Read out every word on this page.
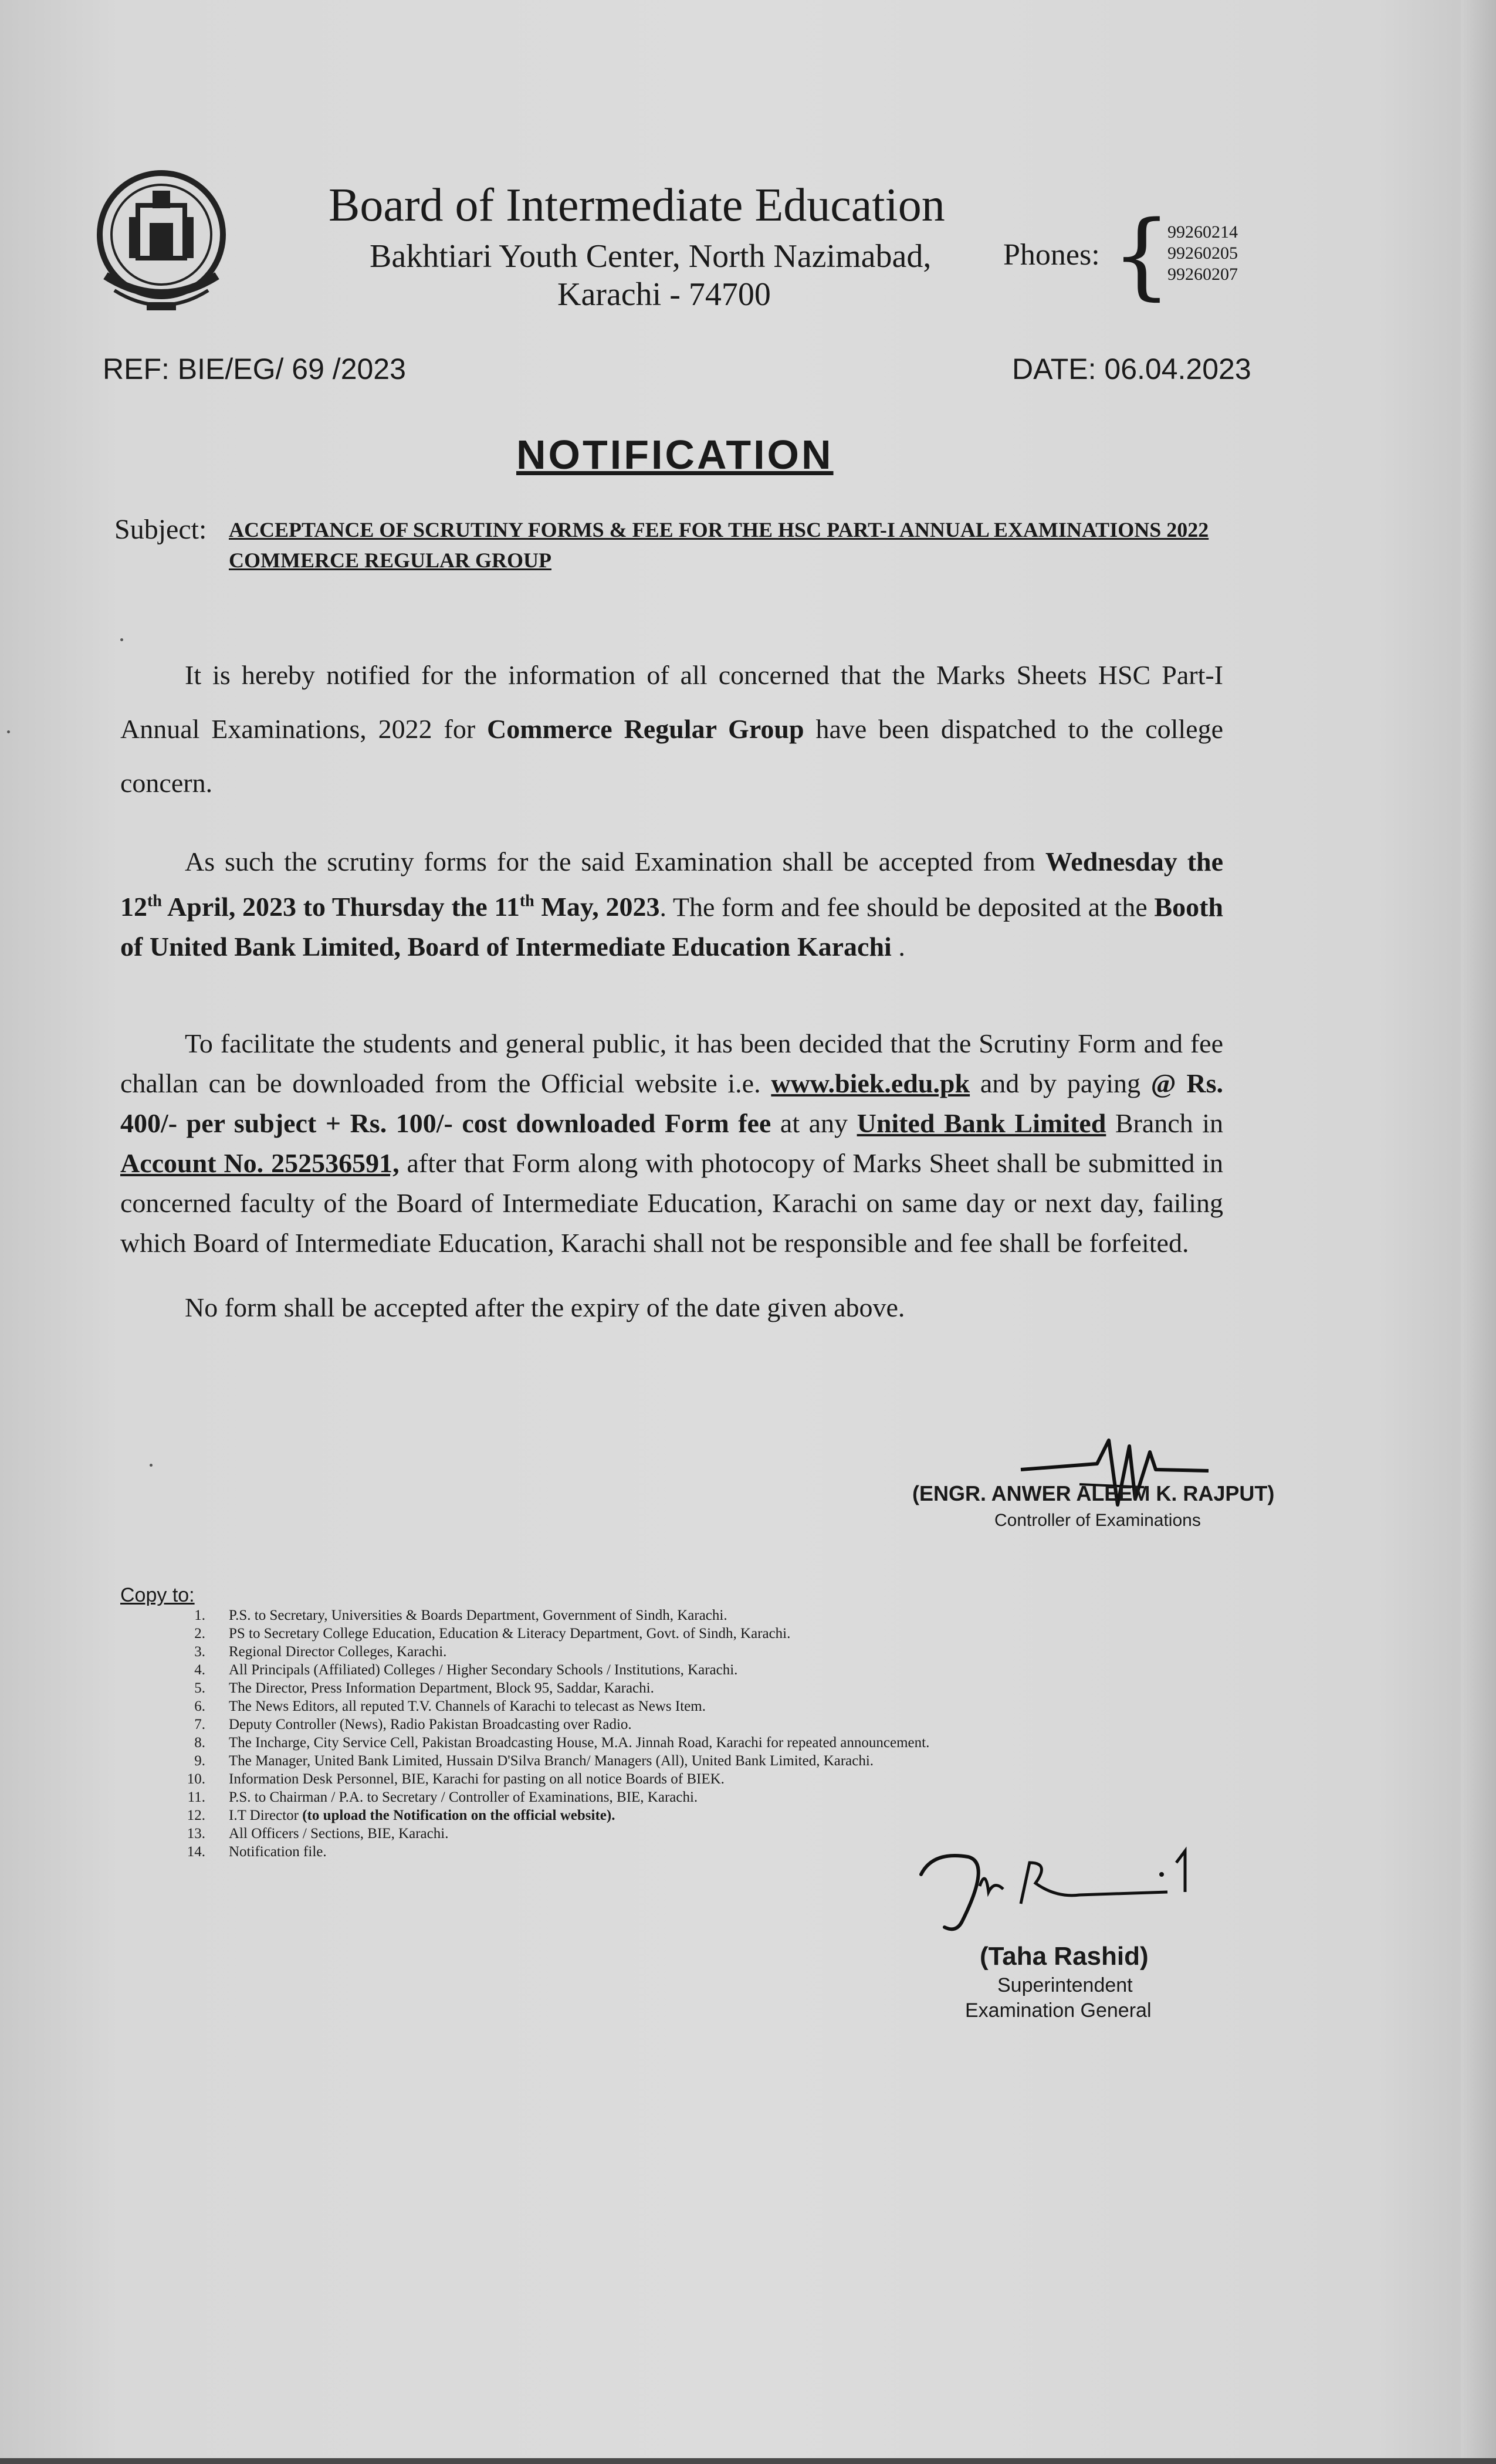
Board of Intermediate Education
Bakhtiari Youth Center, North Nazimabad,
Karachi - 74700
Phones: {
99260214
99260205
99260207
REF: BIE/EG/ 69 /2023	DATE: 06.04.2023
NOTIFICATION
Subject: ACCEPTANCE OF SCRUTINY FORMS & FEE FOR THE HSC PART-I ANNUAL EXAMINATIONS 2022 COMMERCE REGULAR GROUP
It is hereby notified for the information of all concerned that the Marks Sheets HSC Part-I Annual Examinations, 2022 for Commerce Regular Group have been dispatched to the college concern.
As such the scrutiny forms for the said Examination shall be accepted from Wednesday the 12th April, 2023 to Thursday the 11th May, 2023. The form and fee should be deposited at the Booth of United Bank Limited, Board of Intermediate Education Karachi .
To facilitate the students and general public, it has been decided that the Scrutiny Form and fee challan can be downloaded from the Official website i.e. www.biek.edu.pk and by paying @ Rs. 400/- per subject + Rs. 100/- cost downloaded Form fee at any United Bank Limited Branch in Account No. 252536591, after that Form along with photocopy of Marks Sheet shall be submitted in concerned faculty of the Board of Intermediate Education, Karachi on same day or next day, failing which Board of Intermediate Education, Karachi shall not be responsible and fee shall be forfeited.
No form shall be accepted after the expiry of the date given above.
(ENGR. ANWER ALEEM K. RAJPUT)
Controller of Examinations
Copy to:
1.	P.S. to Secretary, Universities & Boards Department, Government of Sindh, Karachi.
2.	PS to Secretary College Education, Education & Literacy Department, Govt. of Sindh, Karachi.
3.	Regional Director Colleges, Karachi.
4.	All Principals (Affiliated) Colleges / Higher Secondary Schools / Institutions, Karachi.
5.	The Director, Press Information Department, Block 95, Saddar, Karachi.
6.	The News Editors, all reputed T.V. Channels of Karachi to telecast as News Item.
7.	Deputy Controller (News), Radio Pakistan Broadcasting over Radio.
8.	The Incharge, City Service Cell, Pakistan Broadcasting House, M.A. Jinnah Road, Karachi for repeated announcement.
9.	The Manager, United Bank Limited, Hussain D'Silva Branch/ Managers (All), United Bank Limited, Karachi.
10.	Information Desk Personnel, BIE, Karachi for pasting on all notice Boards of BIEK.
11.	P.S. to Chairman / P.A. to Secretary / Controller of Examinations, BIE, Karachi.
12.	I.T Director (to upload the Notification on the official website).
13.	All Officers / Sections, BIE, Karachi.
14.	Notification file.
(Taha Rashid)
Superintendent
Examination General
